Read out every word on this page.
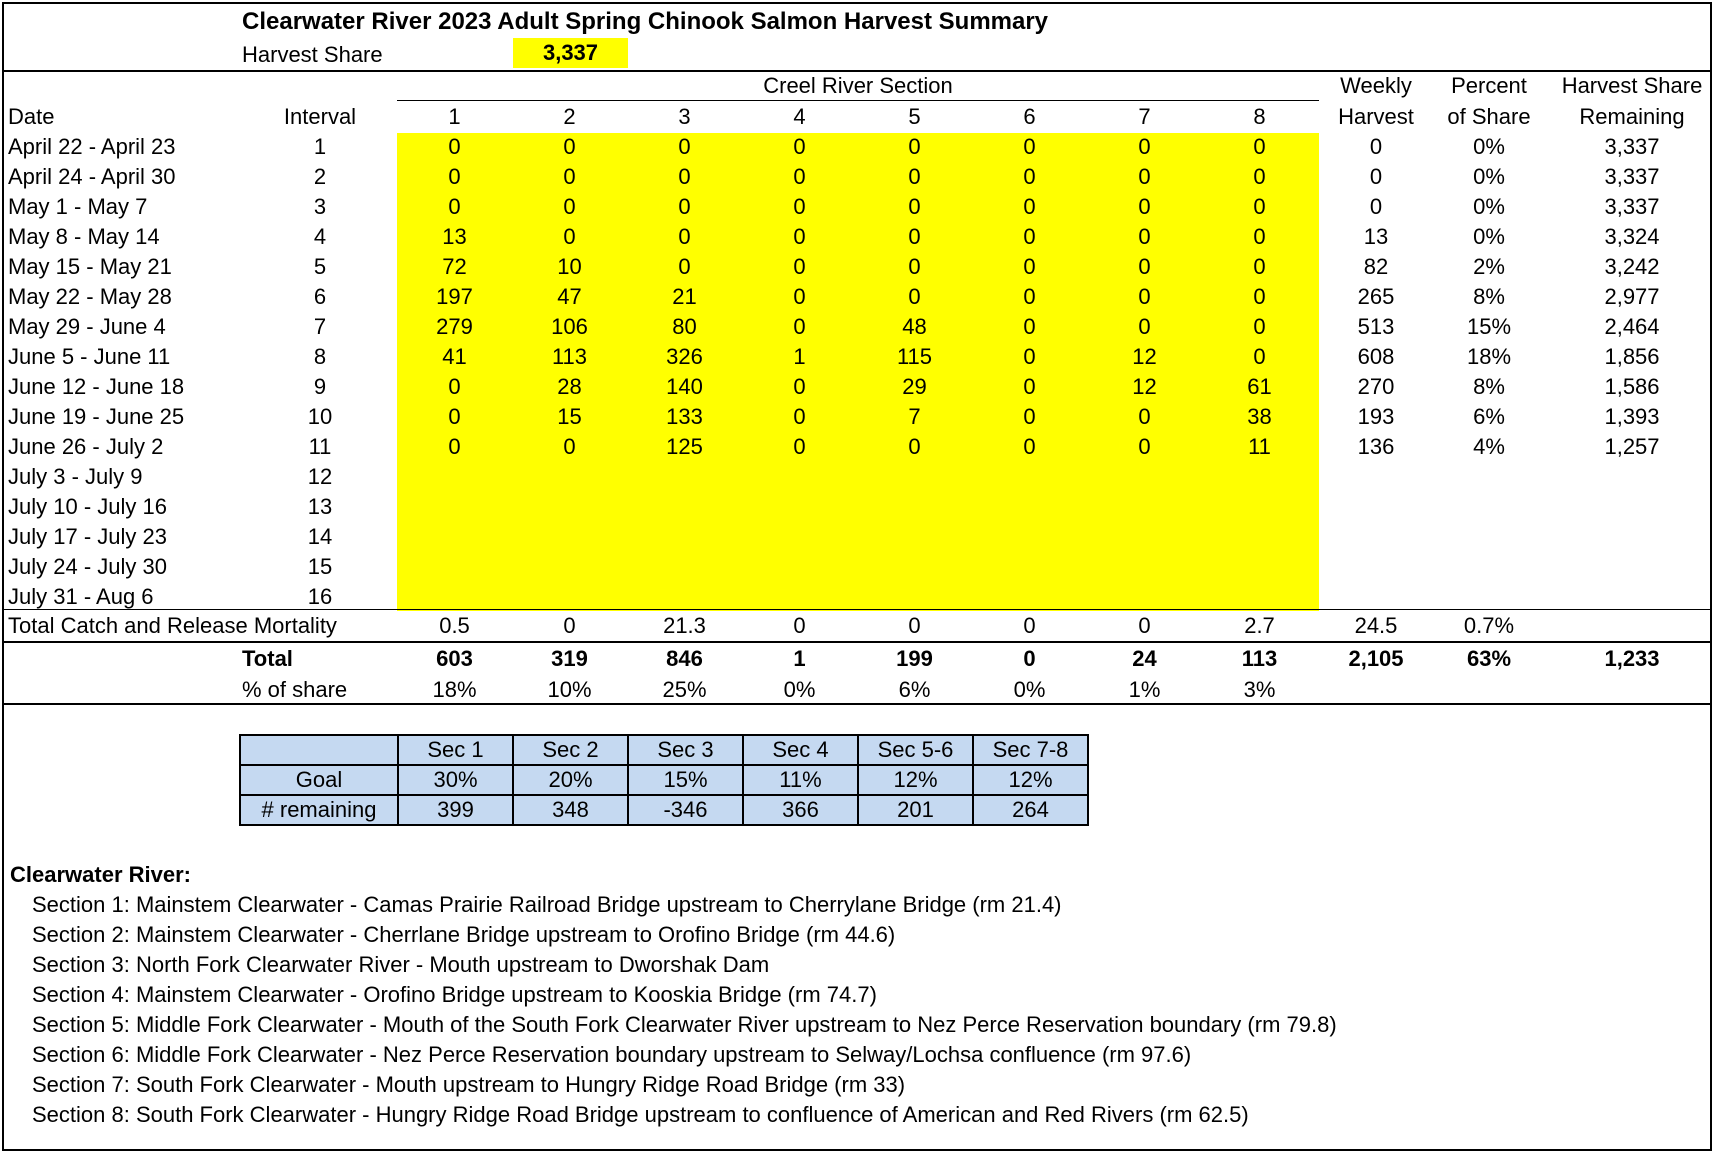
Clearwater River 2023 Adult Spring Chinook Salmon Harvest Summary
Harvest Share	3,337
Creel River Section	Weekly	Percent	Harvest Share
Date	Interval	1	2	3	4	5	6	7	8	Harvest	of Share	Remaining
April 22 - April 23	1	0	0	0	0	0	0	0	0	0	0%	3,337
April 24 - April 30	2	0	0	0	0	0	0	0	0	0	0%	3,337
May 1 - May 7	3	0	0	0	0	0	0	0	0	0	0%	3,337
May 8 - May 14	4	13	0	0	0	0	0	0	0	13	0%	3,324
May 15 - May 21	5	72	10	0	0	0	0	0	0	82	2%	3,242
May 22 - May 28	6	197	47	21	0	0	0	0	0	265	8%	2,977
May 29 - June 4	7	279	106	80	0	48	0	0	0	513	15%	2,464
June 5 - June 11	8	41	113	326	1	115	0	12	0	608	18%	1,856
June 12 - June 18	9	0	28	140	0	29	0	12	61	270	8%	1,586
June 19 - June 25	10	0	15	133	0	7	0	0	38	193	6%	1,393
June 26 - July 2	11	0	0	125	0	0	0	0	11	136	4%	1,257
July 3 - July 9	12
July 10 - July 16	13
July 17 - July 23	14
July 24 - July 30	15
July 31 - Aug 6	16
Total Catch and Release Mortality	0.5	0	21.3	0	0	0	0	2.7	24.5	0.7%
Total	603	319	846	1	199	0	24	113	2,105	63%	1,233
% of share	18%	10%	25%	0%	6%	0%	1%	3%
	Sec 1	Sec 2	Sec 3	Sec 4	Sec 5-6	Sec 7-8
Goal	30%	20%	15%	11%	12%	12%
# remaining	399	348	-346	366	201	264
Clearwater River:
Section 1: Mainstem Clearwater - Camas Prairie Railroad Bridge upstream to Cherrylane Bridge (rm 21.4)
Section 2: Mainstem Clearwater - Cherrlane Bridge upstream to Orofino Bridge (rm 44.6)
Section 3: North Fork Clearwater River - Mouth upstream to Dworshak Dam
Section 4: Mainstem Clearwater - Orofino Bridge upstream to Kooskia Bridge (rm 74.7)
Section 5: Middle Fork Clearwater - Mouth of the South Fork Clearwater River upstream to Nez Perce Reservation boundary (rm 79.8)
Section 6: Middle Fork Clearwater - Nez Perce Reservation boundary upstream to Selway/Lochsa confluence (rm 97.6)
Section 7: South Fork Clearwater - Mouth upstream to Hungry Ridge Road Bridge (rm 33)
Section 8: South Fork Clearwater - Hungry Ridge Road Bridge upstream to confluence of American and Red Rivers (rm 62.5)
